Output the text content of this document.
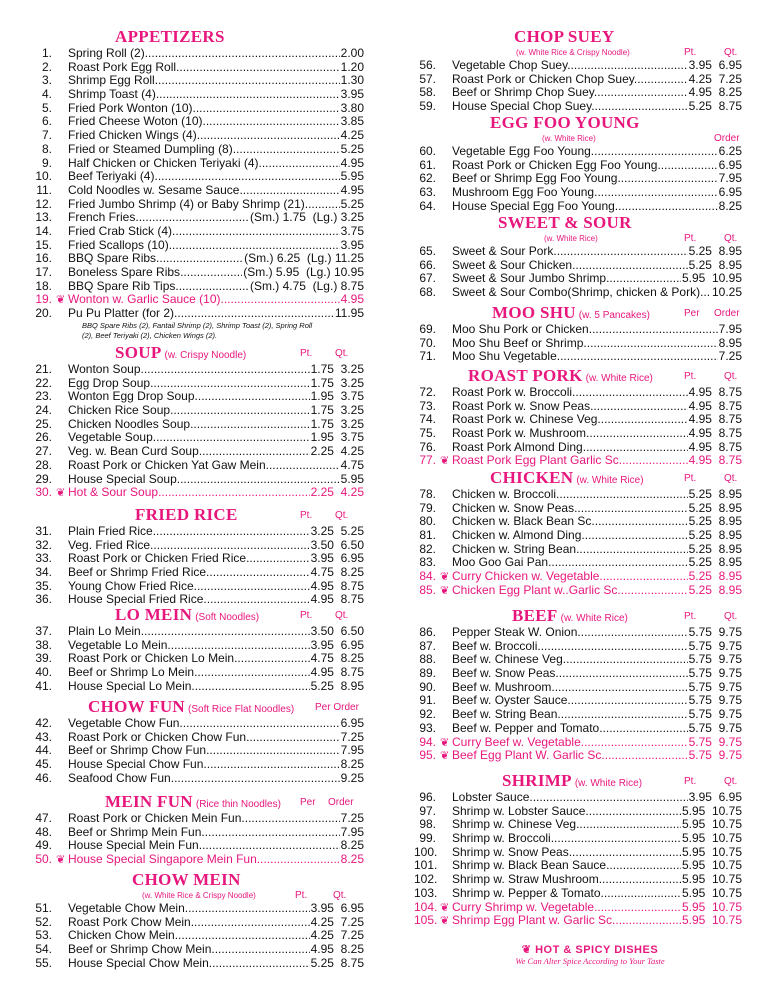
APPETIZERS
1. Spring Roll (2) .....	2.00
2. Roast Pork Egg Roll .....	1.20
3. Shrimp Egg Roll .....	1.30
4. Shrimp Toast (4) .....	3.95
5. Fried Pork Wonton (10) .....	3.80
6. Fried Cheese Woton (10) .....	3.85
7. Fried Chicken Wings (4) .....	4.25
8. Fried or Steamed Dumpling (8) .....	5.25
9. Half Chicken or Chicken Teriyaki (4) .....	4.95
10. Beef Teriyaki (4) .....	5.95
11. Cold Noodles w. Sesame Sauce .....	4.95
12. Fried Jumbo Shrimp (4) or Baby Shrimp (21) .....	5.25
13. French Fries .....	(Sm.) 1.75  (Lg.) 3.25
14. Fried Crab Stick (4) .....	3.75
15. Fried Scallops (10) .....	3.95
16. BBQ Spare Ribs .....	(Sm.) 6.25  (Lg.) 11.25
17. Boneless Spare Ribs .....	(Sm.) 5.95  (Lg.) 10.95
18. BBQ Spare Rib Tips .....	(Sm.) 4.75  (Lg.) 8.75
19. ❦ Wonton w. Garlic Sauce (10) .....	4.95
20. Pu Pu Platter (for 2) .....	11.95
BBQ Spare Ribs (2), Fantail Shrimp (2), Shrimp Toast (2), Spring Roll
(2), Beef Teriyaki (2), Chicken Wings (2).
SOUP (w. Crispy Noodle)	Pt. Qt.
21. Wonton Soup .....	1.75  3.25
22. Egg Drop Soup .....	1.75  3.25
23. Wonton Egg Drop Soup .....	1.95  3.75
24. Chicken Rice Soup .....	1.75  3.25
25. Chicken Noodles Soup .....	1.75  3.25
26. Vegetable Soup .....	1.95  3.75
27. Veg. w. Bean Curd Soup .....	2.25  4.25
28. Roast Pork or Chicken Yat Gaw Mein .....	4.75
29. House Special Soup .....	5.95
30. ❦ Hot & Sour Soup .....	2.25  4.25
FRIED RICE	Pt. Qt.
31. Plain Fried Rice .....	3.25  5.25
32. Veg. Fried Rice .....	3.50  6.50
33. Roast Pork or Chicken Fried Rice .....	3.95  6.95
34. Beef or Shrimp Fried Rice .....	4.75  8.25
35. Young Chow Fried Rice .....	4.95  8.75
36. House Special Fried Rice .....	4.95  8.75
LO MEIN (Soft Noodles)	Pt. Qt.
37. Plain Lo Mein .....	3.50  6.50
38. Vegetable Lo Mein .....	3.95  6.95
39. Roast Pork or Chicken Lo Mein .....	4.75  8.25
40. Beef or Shrimp Lo Mein .....	4.95  8.75
41. House Special Lo Mein .....	5.25  8.95
CHOW FUN (Soft Rice Flat Noodles) Per Order
42. Vegetable Chow Fun .....	6.95
43. Roast Pork or Chicken Chow Fun .....	7.25
44. Beef or Shrimp Chow Fun .....	7.95
45. House Special Chow Fun .....	8.25
46. Seafood Chow Fun .....	9.25
MEIN FUN (Rice thin Noodles) Per Order
47. Roast Pork or Chicken Mein Fun .....	7.25
48. Beef or Shrimp Mein Fun .....	7.95
49. House Special Mein Fun .....	8.25
50. ❦ House Special Singapore Mein Fun .....	8.25
CHOW MEIN
(w. White Rice & Crispy Noodle)	Pt.	Qt.
51. Vegetable Chow Mein .....	3.95  6.95
52. Roast Pork Chow Mein .....	4.25  7.25
53. Chicken Chow Mein .....	4.25  7.25
54. Beef or Shrimp Chow Mein .....	4.95  8.25
55. House Special Chow Mein .....	5.25  8.75
CHOP SUEY
(w. White Rice & Crispy Noodle)	Pt.	Qt.
56. Vegetable Chop Suey .....	3.95  6.95
57. Roast Pork or Chicken Chop Suey .....	4.25  7.25
58. Beef or Shrimp Chop Suey .....	4.95  8.25
59. House Special Chop Suey .....	5.25  8.75
EGG FOO YOUNG
(w. White Rice)	Order
60. Vegetable Egg Foo Young .....	6.25
61. Roast Pork or Chicken Egg Foo Young .....	6.95
62. Beef or Shrimp Egg Foo Young .....	7.95
63. Mushroom Egg Foo Young .....	6.95
64. House Special Egg Foo Young .....	8.25
SWEET & SOUR
(w. White Rice)	Pt.	Qt.
65. Sweet & Sour Pork .....	5.25  8.95
66. Sweet & Sour Chicken .....	5.25  8.95
67. Sweet & Sour Jumbo Shrimp .....	5.95  10.95
68. Sweet & Sour Combo(Shrimp, chicken & Pork) ..... 10.25
MOO SHU (w. 5 Pancakes)	Per Order
69. Moo Shu Pork or Chicken .....	7.95
70. Moo Shu Beef or Shrimp .....	8.95
71. Moo Shu Vegetable .....	7.25
ROAST PORK (w. White Rice)	Pt.	Qt.
72. Roast Pork w. Broccoli .....	4.95  8.75
73. Roast Pork w. Snow Peas .....	4.95  8.75
74. Roast Pork w. Chinese Veg .....	4.95  8.75
75. Roast Pork w. Mushroom .....	4.95  8.75
76. Roast Pork Almond Ding .....	4.95  8.75
77. ❦ Roast Pork Egg Plant Garlic Sc. .....	4.95  8.75
CHICKEN (w. White Rice)	Pt.	Qt.
78. Chicken w. Broccoli .....	5.25  8.95
79. Chicken w. Snow Peas .....	5.25  8.95
80. Chicken w. Black Bean Sc. .....	5.25  8.95
81. Chicken w. Almond Ding .....	5.25  8.95
82. Chicken w. String Bean .....	5.25  8.95
83. Moo Goo Gai Pan .....	5.25  8.95
84. ❦ Curry Chicken w. Vegetable .....	5.25  8.95
85. ❦ Chicken Egg Plant w..Garlic Sc .....	5.25  8.95
BEEF (w. White Rice)	Pt.	Qt.
86. Pepper Steak W. Onion .....	5.75  9.75
87. Beef w. Broccoli .....	5.75  9.75
88. Beef w. Chinese Veg. .....	5.75  9.75
89. Beef w. Snow Peas .....	5.75  9.75
90. Beef w. Mushroom .....	5.75  9.75
91. Beef w. Oyster Sauce .....	5.75  9.75
92. Beef w. String Bean .....	5.75  9.75
93. Beef w. Pepper and Tomato .....	5.75  9.75
94. ❦ Curry Beef w. Vegetable .....	5.75  9.75
95. ❦ Beef Egg Plant W. Garlic Sc. .....	5.75  9.75
SHRIMP (w. White Rice)	Pt.	Qt.
96. Lobster Sauce .....	3.95  6.95
97. Shrimp w. Lobster Sauce .....	5.95  10.75
98. Shrimp w. Chinese Veg. .....	5.95  10.75
99. Shrimp w. Broccoli .....	5.95  10.75
100. Shrimp w. Snow Peas .....	5.95  10.75
101. Shrimp w. Black Bean Sauce .....	5.95  10.75
102. Shrimp w. Straw Mushroom .....	5.95  10.75
103. Shrimp w. Pepper & Tomato .....	5.95  10.75
104. ❦ Curry Shrimp w. Vegetable .....	5.95  10.75
105. ❦ Shrimp Egg Plant w. Garlic Sc. .....	5.95  10.75
❦ HOT & SPICY DISHES
We Can Alter Spice According to Your Taste
